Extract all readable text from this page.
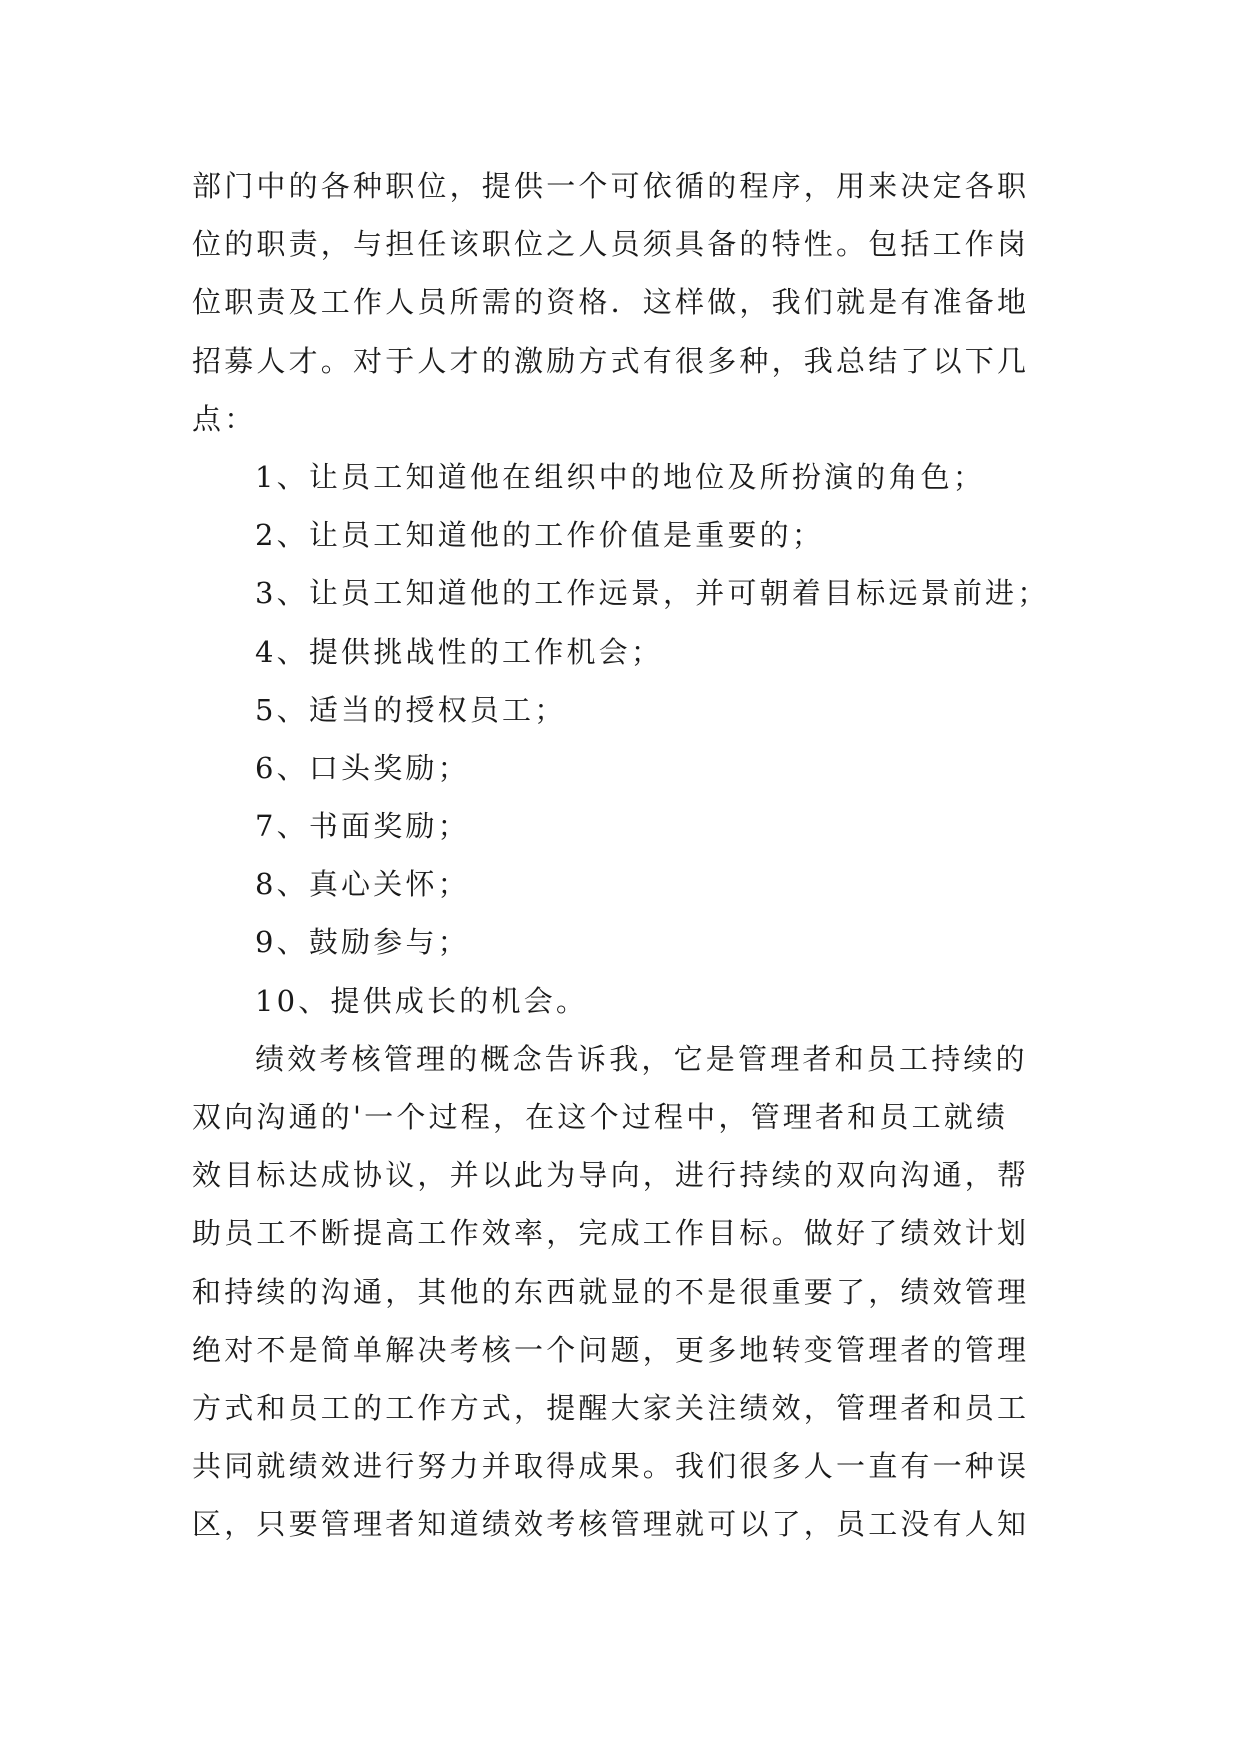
部门中的各种职位，提供一个可依循的程序，用来决定各职
位的职责，与担任该职位之人员须具备的特性。包括工作岗
位职责及工作人员所需的资格．这样做，我们就是有准备地
招募人才。对于人才的激励方式有很多种，我总结了以下几
点：
1、让员工知道他在组织中的地位及所扮演的角色；
2、让员工知道他的工作价值是重要的；
3、让员工知道他的工作远景，并可朝着目标远景前进；
4、提供挑战性的工作机会；
5、适当的授权员工；
6、口头奖励；
7、书面奖励；
8、真心关怀；
9、鼓励参与；
10、提供成长的机会。
绩效考核管理的概念告诉我，它是管理者和员工持续的
双向沟通的'一个过程，在这个过程中，管理者和员工就绩
效目标达成协议，并以此为导向，进行持续的双向沟通，帮
助员工不断提高工作效率，完成工作目标。做好了绩效计划
和持续的沟通，其他的东西就显的不是很重要了，绩效管理
绝对不是简单解决考核一个问题，更多地转变管理者的管理
方式和员工的工作方式，提醒大家关注绩效，管理者和员工
共同就绩效进行努力并取得成果。我们很多人一直有一种误
区，只要管理者知道绩效考核管理就可以了，员工没有人知
